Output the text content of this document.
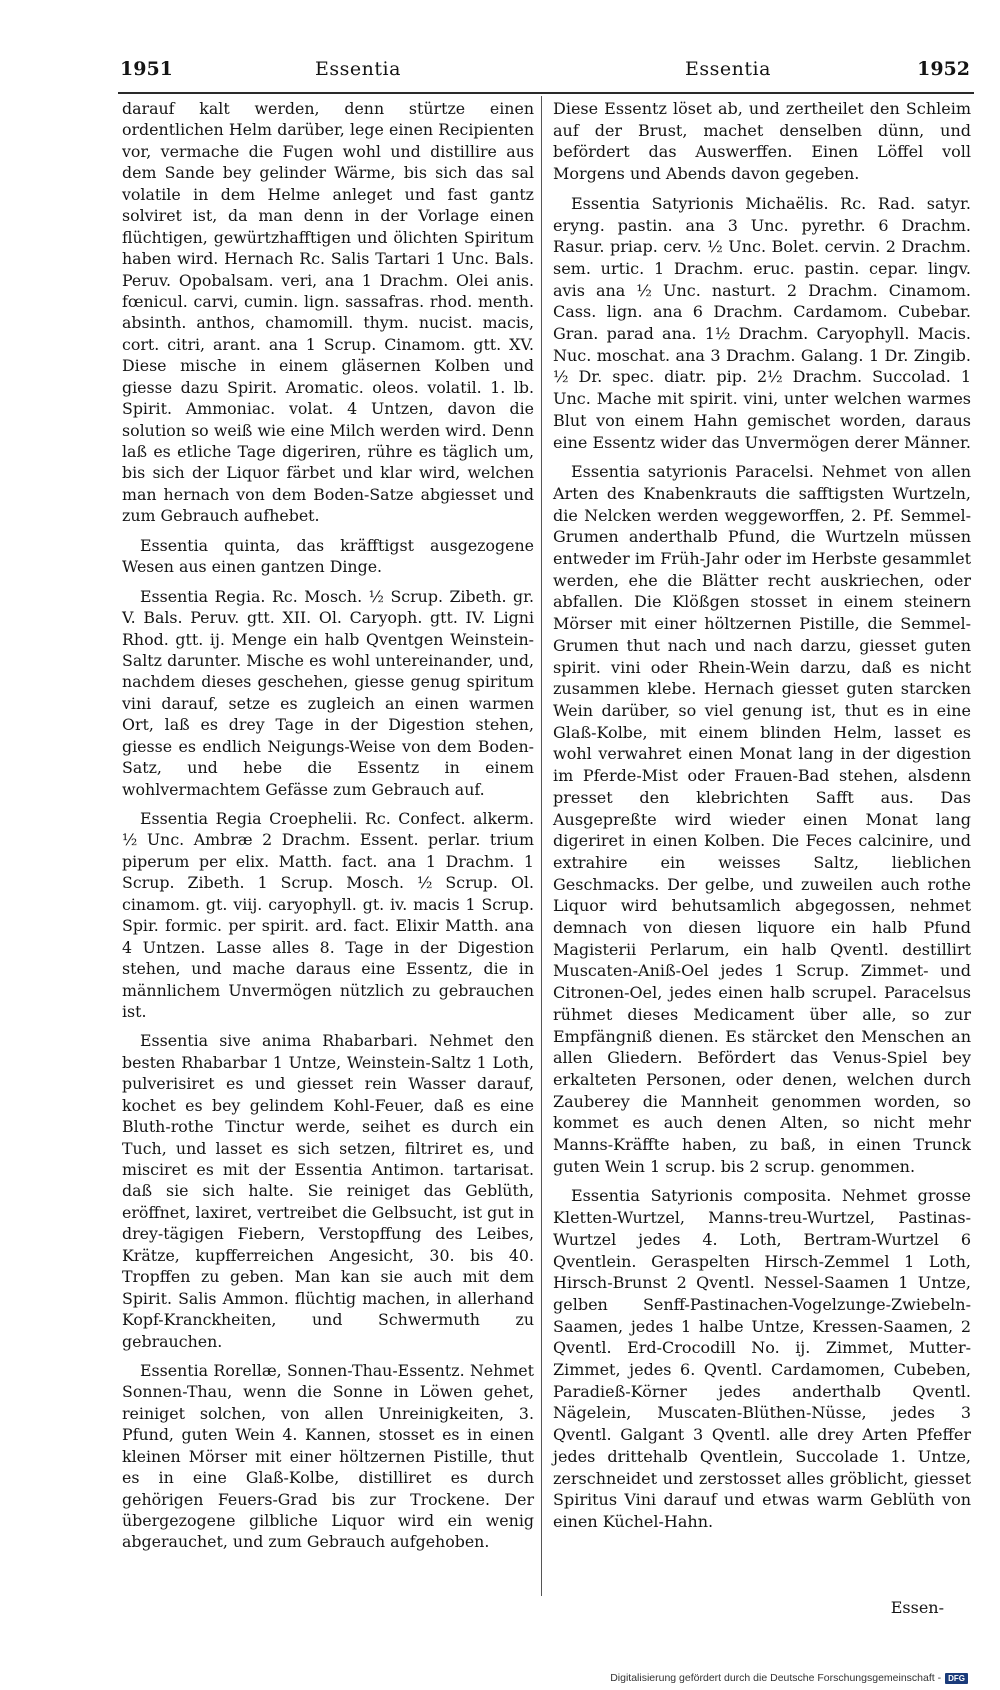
1951	Essentia	Essentia	1952

darauf kalt werden, denn stürtze einen ordentlichen Helm darüber, lege einen Recipienten vor, vermache die Fugen wohl und distillire aus dem Sande bey gelinder Wärme, bis sich das sal volatile in dem Helme anleget und fast gantz solviret ist, da man denn in der Vorlage einen flüchtigen, gewürtzhafftigen und ölichten Spiritum haben wird. Hernach Rc. Salis Tartari 1 Unc. Bals. Peruv. Opobalsam. veri, ana 1 Drachm. Olei anis. fœnicul. carvi, cumin. lign. sassafras. rhod. menth. absinth. anthos, chamomill. thym. nucist. macis, cort. citri, arant. ana 1 Scrup. Cinamom. gtt. XV. Diese mische in einem gläsernen Kolben und giesse dazu Spirit. Aromatic. oleos. volatil. 1. lb. Spirit. Ammoniac. volat. 4 Untzen, davon die solution so weiß wie eine Milch werden wird. Denn laß es etliche Tage digeriren, rühre es täglich um, bis sich der Liquor färbet und klar wird, welchen man hernach von dem Boden-Satze abgiesset und zum Gebrauch aufhebet.

Essentia quinta, das kräfftigst ausgezogene Wesen aus einen gantzen Dinge.

Essentia Regia. Rc. Mosch. ½ Scrup. Zibeth. gr. V. Bals. Peruv. gtt. XII. Ol. Caryoph. gtt. IV. Ligni Rhod. gtt. ij. Menge ein halb Qventgen Weinstein-Saltz darunter. Mische es wohl untereinander, und, nachdem dieses geschehen, giesse genug spiritum vini darauf, setze es zugleich an einen warmen Ort, laß es drey Tage in der Digestion stehen, giesse es endlich Neigungs-Weise von dem Boden-Satz, und hebe die Essentz in einem wohlvermachtem Gefässe zum Gebrauch auf.

Essentia Regia Croephelii. Rc. Confect. alkerm. ½ Unc. Ambræ 2 Drachm. Essent. perlar. trium piperum per elix. Matth. fact. ana 1 Drachm. 1 Scrup. Zibeth. 1 Scrup. Mosch. ½ Scrup. Ol. cinamom. gt. viij. caryophyll. gt. iv. macis 1 Scrup. Spir. formic. per spirit. ard. fact. Elixir Matth. ana 4 Untzen. Lasse alles 8. Tage in der Digestion stehen, und mache daraus eine Essentz, die in männlichem Unvermögen nützlich zu gebrauchen ist.

Essentia sive anima Rhabarbari. Nehmet den besten Rhabarbar 1 Untze, Weinstein-Saltz 1 Loth, pulverisiret es und giesset rein Wasser darauf, kochet es bey gelindem Kohl-Feuer, daß es eine Bluth-rothe Tinctur werde, seihet es durch ein Tuch, und lasset es sich setzen, filtriret es, und misciret es mit der Essentia Antimon. tartarisat. daß sie sich halte. Sie reiniget das Geblüth, eröffnet, laxiret, vertreibet die Gelbsucht, ist gut in drey-tägigen Fiebern, Verstopffung des Leibes, Krätze, kupfferreichen Angesicht, 30. bis 40. Tropffen zu geben. Man kan sie auch mit dem Spirit. Salis Ammon. flüchtig machen, in allerhand Kopf-Kranckheiten, und Schwermuth zu gebrauchen.

Essentia Rorellæ, Sonnen-Thau-Essentz. Nehmet Sonnen-Thau, wenn die Sonne in Löwen gehet, reiniget solchen, von allen Unreinigkeiten, 3. Pfund, guten Wein 4. Kannen, stosset es in einen kleinen Mörser mit einer höltzernen Pistille, thut es in eine Glaß-Kolbe, distilliret es durch gehörigen Feuers-Grad bis zur Trockene. Der übergezogene gilbliche Liquor wird ein wenig abgerauchet, und zum Gebrauch aufgehoben.

Diese Essentz löset ab, und zertheilet den Schleim auf der Brust, machet denselben dünn, und befördert das Auswerffen. Einen Löffel voll Morgens und Abends davon gegeben.

Essentia Satyrionis Michaëlis. Rc. Rad. satyr. eryng. pastin. ana 3 Unc. pyrethr. 6 Drachm. Rasur. priap. cerv. ½ Unc. Bolet. cervin. 2 Drachm. sem. urtic. 1 Drachm. eruc. pastin. cepar. lingv. avis ana ½ Unc. nasturt. 2 Drachm. Cinamom. Cass. lign. ana 6 Drachm. Cardamom. Cubebar. Gran. parad ana. 1½ Drachm. Caryophyll. Macis. Nuc. moschat. ana 3 Drachm. Galang. 1 Dr. Zingib. ½ Dr. spec. diatr. pip. 2½ Drachm. Succolad. 1 Unc. Mache mit spirit. vini, unter welchen warmes Blut von einem Hahn gemischet worden, daraus eine Essentz wider das Unvermögen derer Männer.

Essentia satyrionis Paracelsi. Nehmet von allen Arten des Knabenkrauts die safftigsten Wurtzeln, die Nelcken werden weggeworffen, 2. Pf. Semmel-Grumen anderthalb Pfund, die Wurtzeln müssen entweder im Früh-Jahr oder im Herbste gesammlet werden, ehe die Blätter recht auskriechen, oder abfallen. Die Klößgen stosset in einem steinern Mörser mit einer höltzernen Pistille, die Semmel-Grumen thut nach und nach darzu, giesset guten spirit. vini oder Rhein-Wein darzu, daß es nicht zusammen klebe. Hernach giesset guten starcken Wein darüber, so viel genung ist, thut es in eine Glaß-Kolbe, mit einem blinden Helm, lasset es wohl verwahret einen Monat lang in der digestion im Pferde-Mist oder Frauen-Bad stehen, alsdenn presset den klebrichten Safft aus. Das Ausgepreßte wird wieder einen Monat lang digeriret in einen Kolben. Die Feces calcinire, und extrahire ein weisses Saltz, lieblichen Geschmacks. Der gelbe, und zuweilen auch rothe Liquor wird behutsamlich abgegossen, nehmet demnach von diesen liquore ein halb Pfund Magisterii Perlarum, ein halb Qventl. destillirt Muscaten-Aniß-Oel jedes 1 Scrup. Zimmet- und Citronen-Oel, jedes einen halb scrupel. Paracelsus rühmet dieses Medicament über alle, so zur Empfängniß dienen. Es stärcket den Menschen an allen Gliedern. Befördert das Venus-Spiel bey erkalteten Personen, oder denen, welchen durch Zauberey die Mannheit genommen worden, so kommet es auch denen Alten, so nicht mehr Manns-Kräffte haben, zu baß, in einen Trunck guten Wein 1 scrup. bis 2 scrup. genommen.

Essentia Satyrionis composita. Nehmet grosse Kletten-Wurtzel, Manns-treu-Wurtzel, Pastinas-Wurtzel jedes 4. Loth, Bertram-Wurtzel 6 Qventlein. Geraspelten Hirsch-Zemmel 1 Loth, Hirsch-Brunst 2 Qventl. Nessel-Saamen 1 Untze, gelben Senff-Pastinachen-Vogelzunge-Zwiebeln-Saamen, jedes 1 halbe Untze, Kressen-Saamen, 2 Qventl. Erd-Crocodill No. ij. Zimmet, Mutter-Zimmet, jedes 6. Qventl. Cardamomen, Cubeben, Paradieß-Körner jedes anderthalb Qventl. Nägelein, Muscaten-Blüthen-Nüsse, jedes 3 Qventl. Galgant 3 Qventl. alle drey Arten Pfeffer jedes drittehalb Qventlein, Succolade 1. Untze, zerschneidet und zerstosset alles gröblicht, giesset Spiritus Vini darauf und etwas warm Geblüth von einen Küchel-Hahn.

Essen-
Digitalisierung gefördert durch die Deutsche Forschungsgemeinschaft - DFG
